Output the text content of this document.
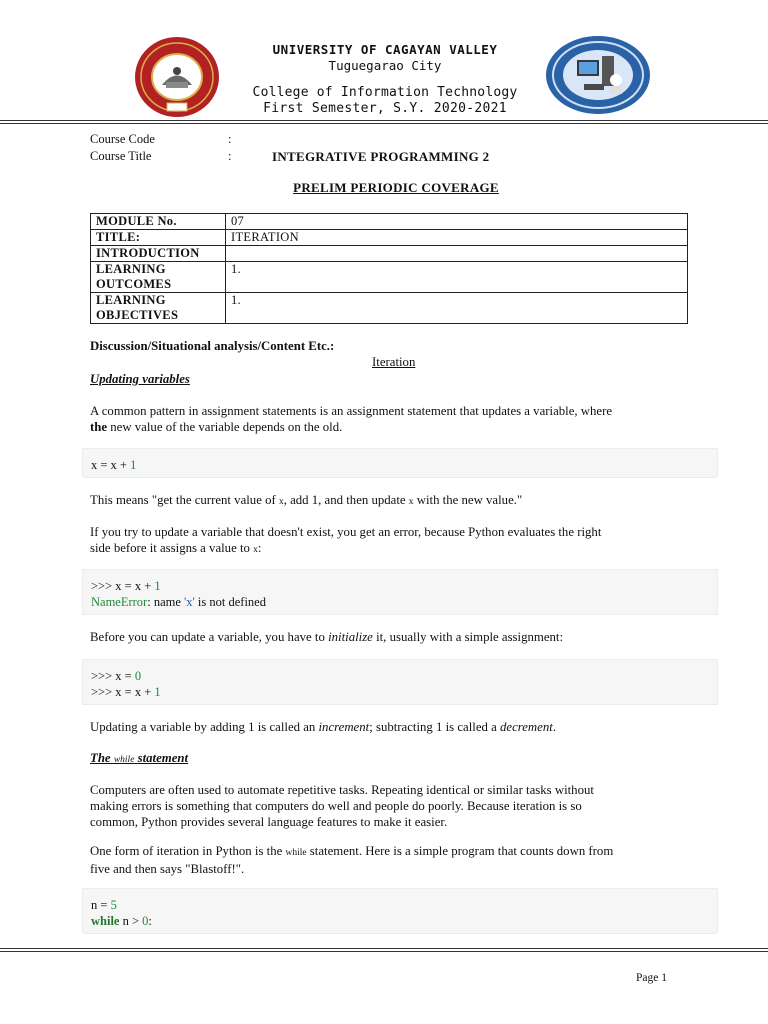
UNIVERSITY OF CAGAYAN VALLEY
Tuguegarao City
College of Information Technology
First Semester, S.Y. 2020-2021
Course Code	:
Course Title	:	INTEGRATIVE PROGRAMMING 2
PRELIM PERIODIC COVERAGE
MODULE No.	07
TITLE:	ITERATION
INTRODUCTION	
LEARNING
OUTCOMES	1.
LEARNING
OBJECTIVES	1.
Discussion/Situational analysis/Content Etc.:
Iteration
Updating variables
A common pattern in assignment statements is an assignment statement that updates a variable, where
the new value of the variable depends on the old.
x = x + 1
This means "get the current value of x, add 1, and then update x with the new value."
If you try to update a variable that doesn't exist, you get an error, because Python evaluates the right
side before it assigns a value to x:
>>> x = x + 1
NameError: name 'x' is not defined
Before you can update a variable, you have to initialize it, usually with a simple assignment:
>>> x = 0
>>> x = x + 1
Updating a variable by adding 1 is called an increment; subtracting 1 is called a decrement.
The while statement
Computers are often used to automate repetitive tasks. Repeating identical or similar tasks without
making errors is something that computers do well and people do poorly. Because iteration is so
common, Python provides several language features to make it easier.
One form of iteration in Python is the while statement. Here is a simple program that counts down from
five and then says "Blastoff!".
n = 5
while n > 0:
Page 1
